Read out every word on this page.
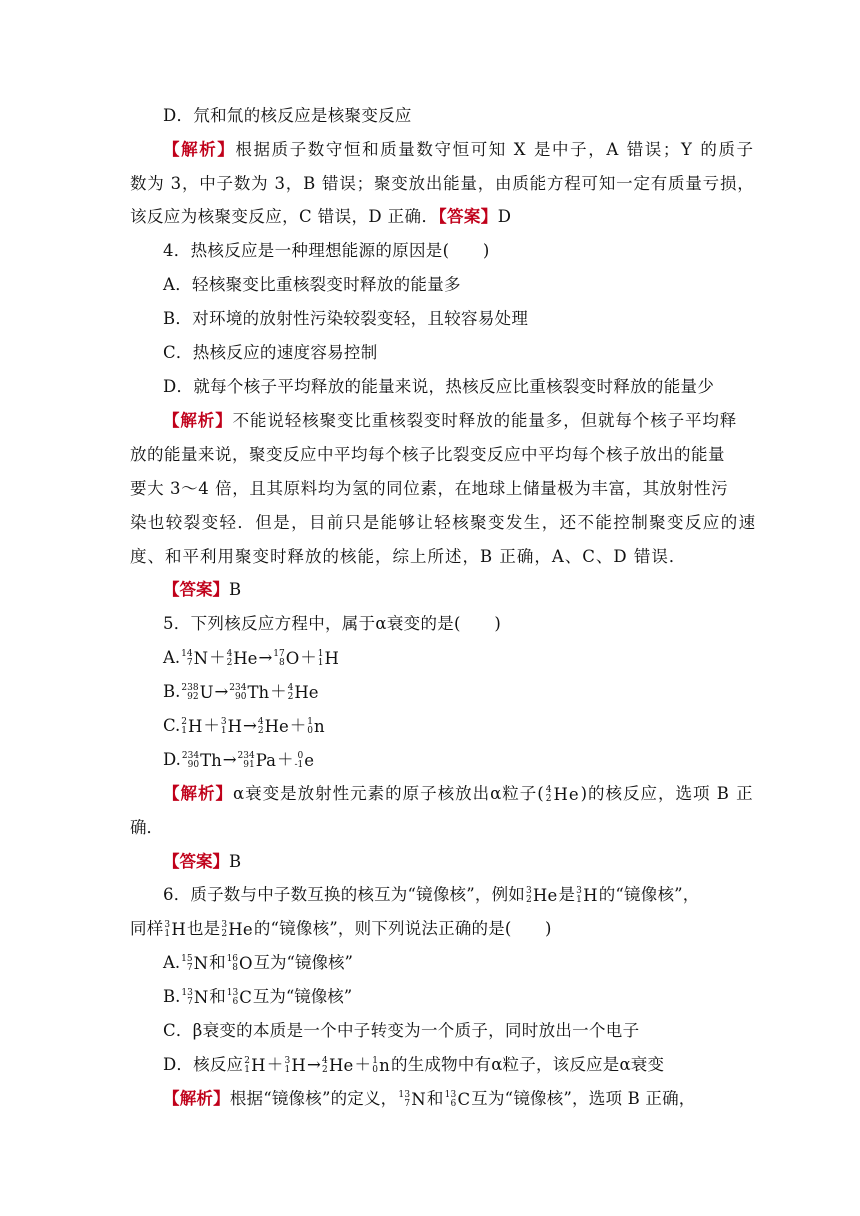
D．氘和氚的核反应是核聚变反应
【解析】根据质子数守恒和质量数守恒可知 X 是中子，A 错误；Y 的质子
数为 3，中子数为 3，B 错误；聚变放出能量，由质能方程可知一定有质量亏损，
该反应为核聚变反应，C 错误，D 正确．【答案】D
4．热核反应是一种理想能源的原因是(　　)
A．轻核聚变比重核裂变时释放的能量多
B．对环境的放射性污染较裂变轻，且较容易处理
C．热核反应的速度容易控制
D．就每个核子平均释放的能量来说，热核反应比重核裂变时释放的能量少
【解析】不能说轻核聚变比重核裂变时释放的能量多，但就每个核子平均释
放的能量来说，聚变反应中平均每个核子比裂变反应中平均每个核子放出的能量
要大 3～4 倍，且其原料均为氢的同位素，在地球上储量极为丰富，其放射性污
染也较裂变轻．但是，目前只是能够让轻核聚变发生，还不能控制聚变反应的速
度、和平利用聚变时释放的核能，综上所述，B 正确，A、C、D 错误．
【答案】B
5．下列核反应方程中，属于α衰变的是(　　)
A. 14
7 N ＋ 4
2 He → 17
8 O ＋ 1
1 H
B. 238
92 U → 234
90 Th ＋ 4
2 He
C. 2
1 H ＋ 3
1 H → 4
2 He ＋ 1
0 n
D. 234
90 Th → 234
91 Pa ＋ 0
-1 e
【解析】α衰变是放射性元素的原子核放出α粒子( 4
2 He )的核反应，选项 B 正
确．
【答案】B
6．质子数与中子数互换的核互为“镜像核”，例如 3
2 He 是 3
1 H 的“镜像核”，
同样 3
1 H 也是 3
2 He 的“镜像核”，则下列说法正确的是(　　)
A. 15
7 N 和 16
8 O 互为“镜像核”
B. 13
7 N 和 13
6 C 互为“镜像核”
C．β衰变的本质是一个中子转变为一个质子，同时放出一个电子
D．核反应 2
1 H ＋ 3
1 H → 4
2 He ＋ 1
0 n 的生成物中有α粒子，该反应是α衰变
【解析】根据“镜像核”的定义， 13
7 N 和 13
6 C 互为“镜像核”，选项 B 正确，
